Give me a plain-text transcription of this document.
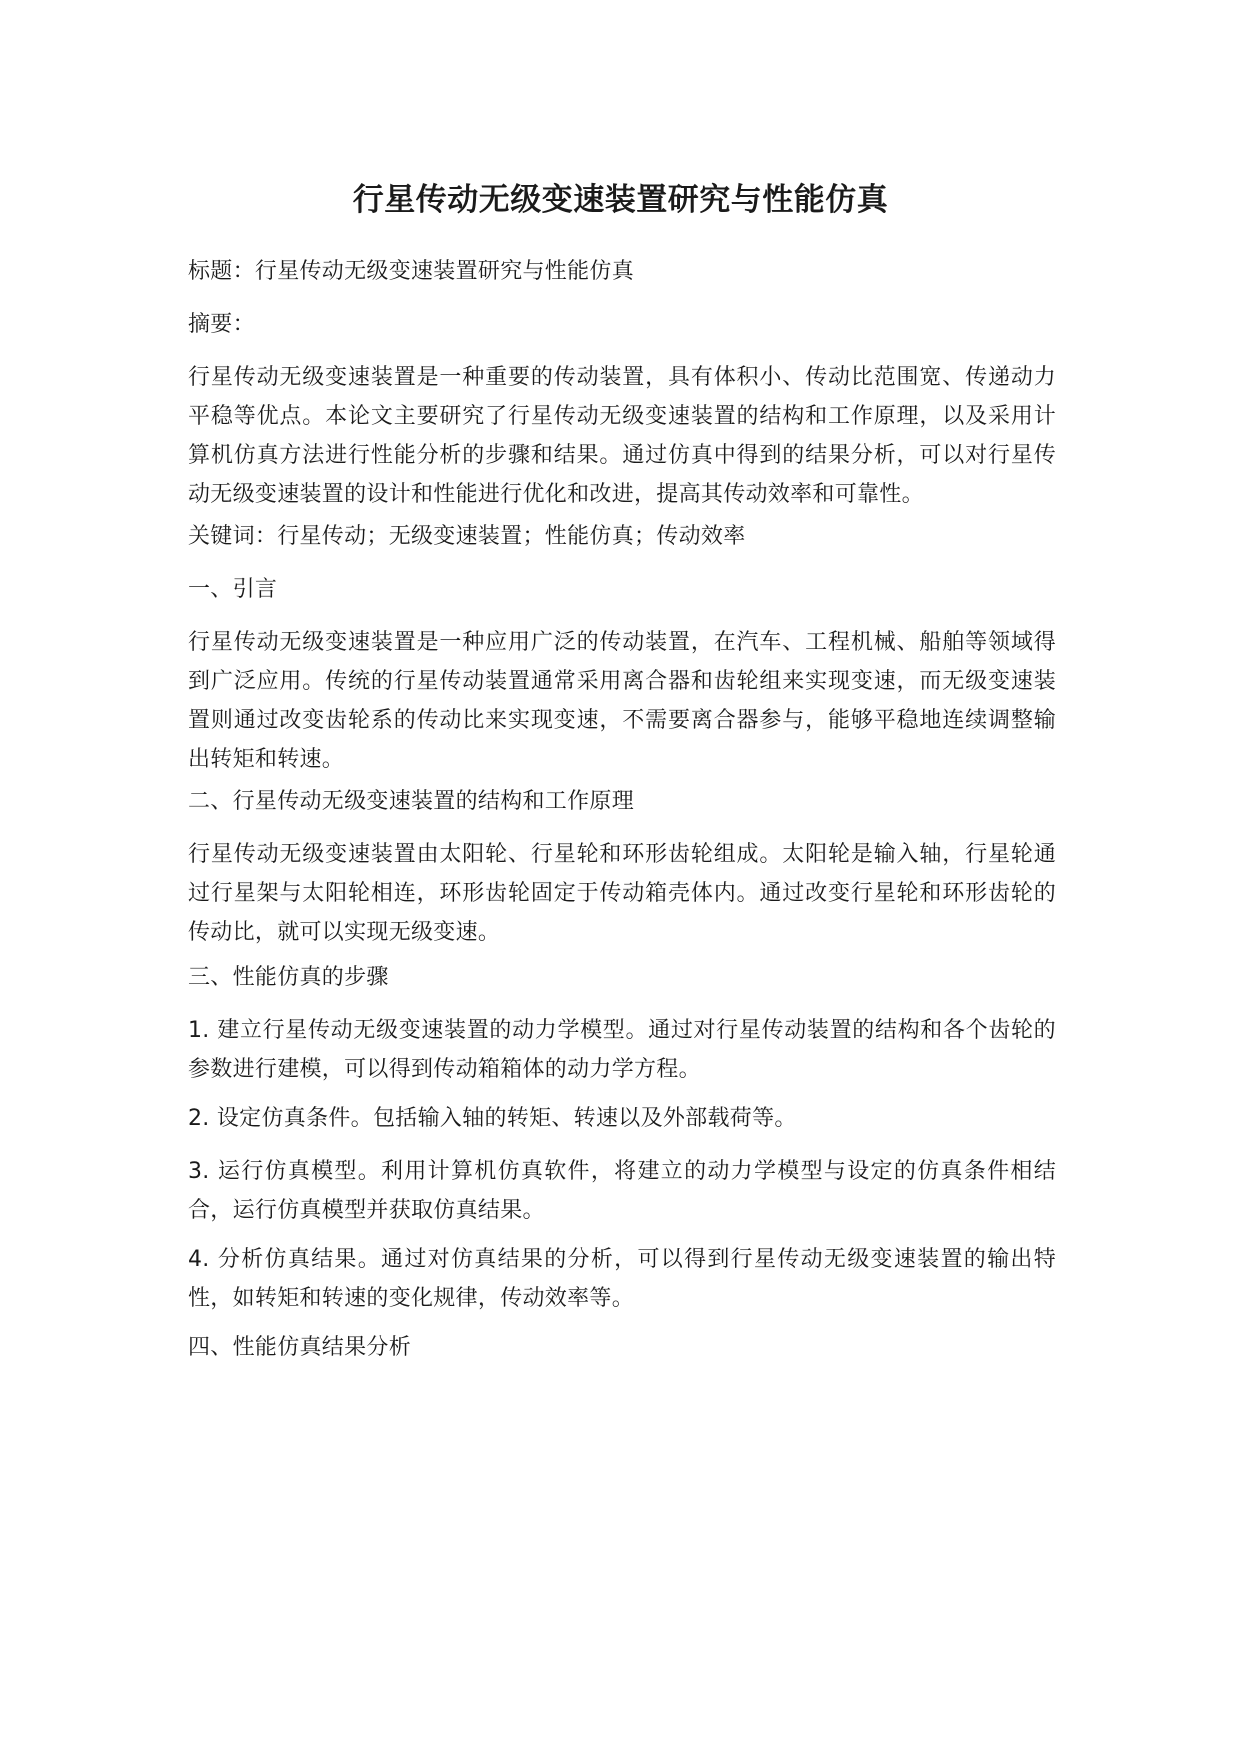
行星传动无级变速装置研究与性能仿真

标题：行星传动无级变速装置研究与性能仿真

摘要：

行星传动无级变速装置是一种重要的传动装置，具有体积小、传动比范围宽、传递动力平稳等优点。本论文主要研究了行星传动无级变速装置的结构和工作原理，以及采用计算机仿真方法进行性能分析的步骤和结果。通过仿真中得到的结果分析，可以对行星传动无级变速装置的设计和性能进行优化和改进，提高其传动效率和可靠性。

关键词：行星传动；无级变速装置；性能仿真；传动效率

一、引言

行星传动无级变速装置是一种应用广泛的传动装置，在汽车、工程机械、船舶等领域得到广泛应用。传统的行星传动装置通常采用离合器和齿轮组来实现变速，而无级变速装置则通过改变齿轮系的传动比来实现变速，不需要离合器参与，能够平稳地连续调整输出转矩和转速。

二、行星传动无级变速装置的结构和工作原理

行星传动无级变速装置由太阳轮、行星轮和环形齿轮组成。太阳轮是输入轴，行星轮通过行星架与太阳轮相连，环形齿轮固定于传动箱壳体内。通过改变行星轮和环形齿轮的传动比，就可以实现无级变速。

三、性能仿真的步骤

1. 建立行星传动无级变速装置的动力学模型。通过对行星传动装置的结构和各个齿轮的参数进行建模，可以得到传动箱箱体的动力学方程。

2. 设定仿真条件。包括输入轴的转矩、转速以及外部载荷等。

3. 运行仿真模型。利用计算机仿真软件，将建立的动力学模型与设定的仿真条件相结合，运行仿真模型并获取仿真结果。

4. 分析仿真结果。通过对仿真结果的分析，可以得到行星传动无级变速装置的输出特性，如转矩和转速的变化规律，传动效率等。

四、性能仿真结果分析
